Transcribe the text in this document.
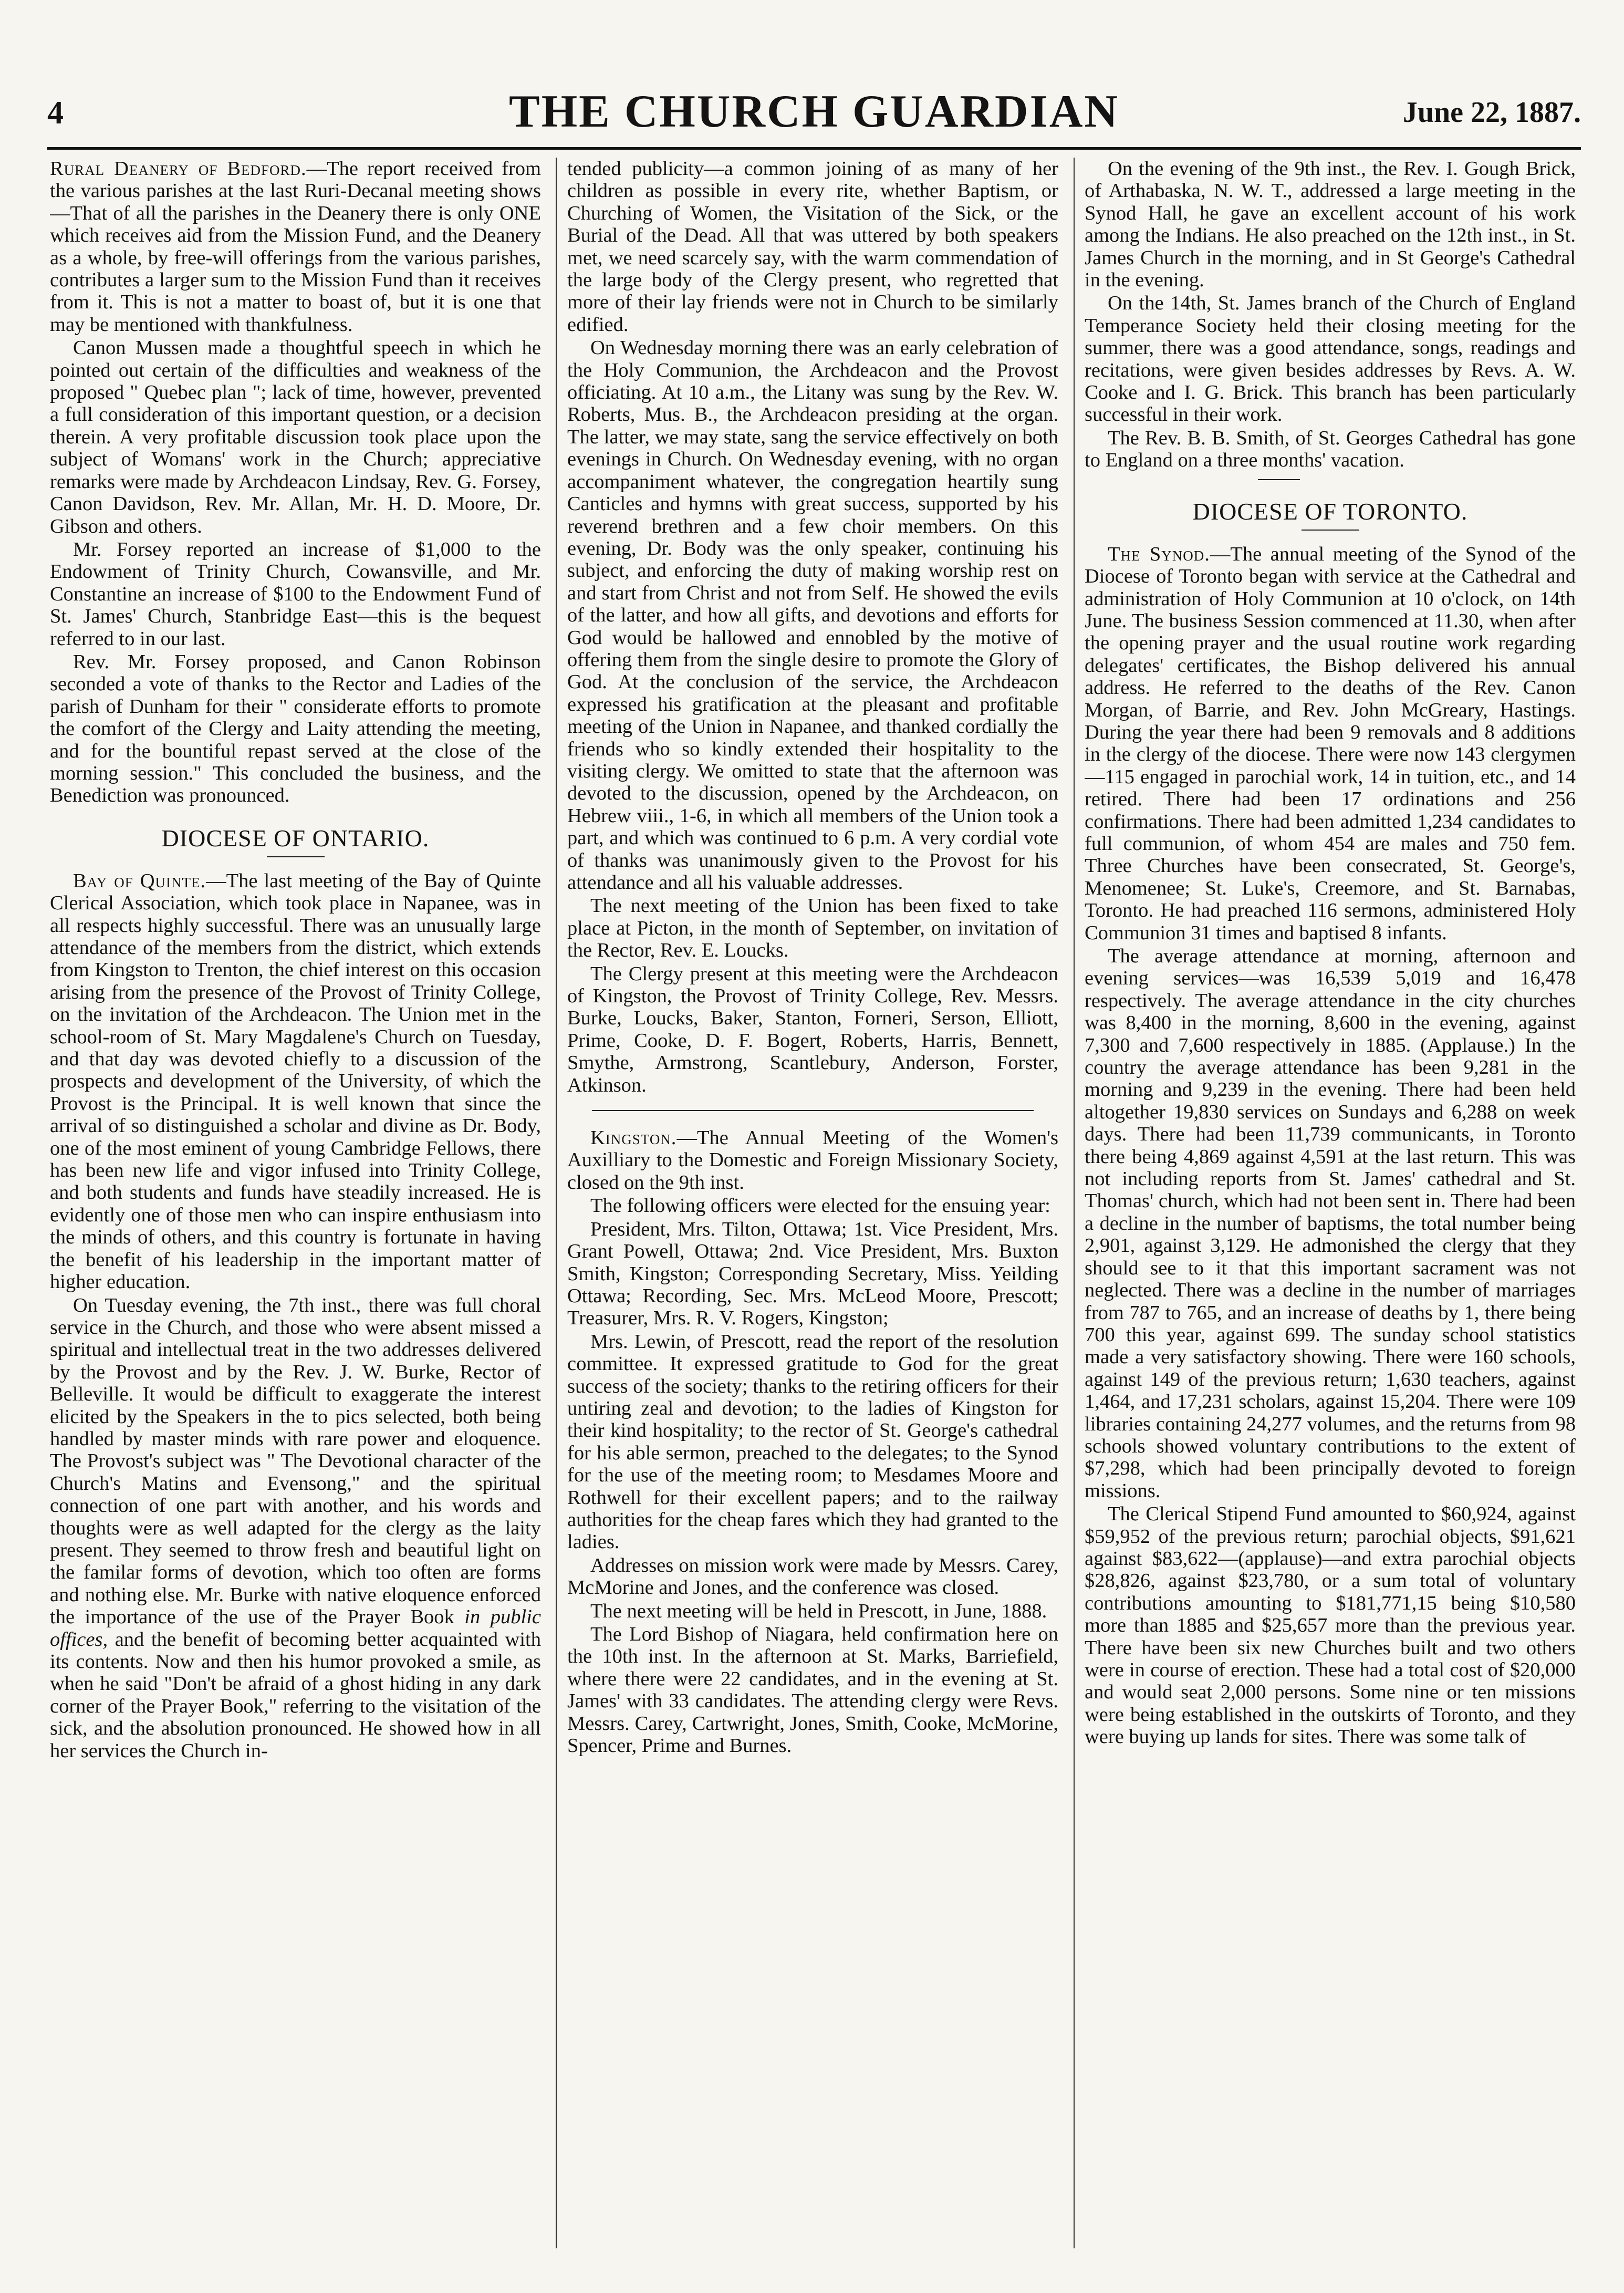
4	THE CHURCH GUARDIAN	June 22, 1887.

Rural Deanery of Bedford.—The report received from the various parishes at the last Ruri-Decanal meeting shows —That of all the parishes in the Deanery there is only ONE which receives aid from the Mission Fund, and the Deanery as a whole, by free-will offerings from the various parishes, contributes a larger sum to the Mission Fund than it receives from it. This is not a matter to boast of, but it is one that may be mentioned with thankfulness.

Canon Mussen made a thoughtful speech in which he pointed out certain of the difficulties and weakness of the proposed " Quebec plan "; lack of time, however, prevented a full consideration of this important question, or a decision therein. A very profitable discussion took place upon the subject of Womans' work in the Church; appreciative remarks were made by Archdeacon Lindsay, Rev. G. Forsey, Canon Davidson, Rev. Mr. Allan, Mr. H. D. Moore, Dr. Gibson and others.

Mr. Forsey reported an increase of $1,000 to the Endowment of Trinity Church, Cowansville, and Mr. Constantine an increase of $100 to the Endowment Fund of St. James' Church, Stanbridge East—this is the bequest referred to in our last.

Rev. Mr. Forsey proposed, and Canon Robinson seconded a vote of thanks to the Rector and Ladies of the parish of Dunham for their " considerate efforts to promote the comfort of the Clergy and Laity attending the meeting, and for the bountiful repast served at the close of the morning session." This concluded the business, and the Benediction was pronounced.

DIOCESE OF ONTARIO.

Bay of Quinte.—The last meeting of the Bay of Quinte Clerical Association, which took place in Napanee, was in all respects highly successful. There was an unusually large attendance of the members from the district, which extends from Kingston to Trenton, the chief interest on this occasion arising from the presence of the Provost of Trinity College, on the invitation of the Archdeacon. The Union met in the school-room of St. Mary Magdalene's Church on Tuesday, and that day was devoted chiefly to a discussion of the prospects and development of the University, of which the Provost is the Principal. It is well known that since the arrival of so distinguished a scholar and divine as Dr. Body, one of the most eminent of young Cambridge Fellows, there has been new life and vigor infused into Trinity College, and both students and funds have steadily increased. He is evidently one of those men who can inspire enthusiasm into the minds of others, and this country is fortunate in having the benefit of his leadership in the important matter of higher education.

On Tuesday evening, the 7th inst., there was full choral service in the Church, and those who were absent missed a spiritual and intellectual treat in the two addresses delivered by the Provost and by the Rev. J. W. Burke, Rector of Belleville. It would be difficult to exaggerate the interest elicited by the Speakers in the to pics selected, both being handled by master minds with rare power and eloquence. The Provost's subject was " The Devotional character of the Church's Matins and Evensong," and the spiritual connection of one part with another, and his words and thoughts were as well adapted for the clergy as the laity present. They seemed to throw fresh and beautiful light on the familar forms of devotion, which too often are forms and nothing else. Mr. Burke with native eloquence enforced the importance of the use of the Prayer Book in public offices, and the benefit of becoming better acquainted with its contents. Now and then his humor provoked a smile, as when he said "Don't be afraid of a ghost hiding in any dark corner of the Prayer Book," referring to the visitation of the sick, and the absolution pronounced. He showed how in all her services the Church in-

tended publicity—a common joining of as many of her children as possible in every rite, whether Baptism, or Churching of Women, the Visitation of the Sick, or the Burial of the Dead. All that was uttered by both speakers met, we need scarcely say, with the warm commendation of the large body of the Clergy present, who regretted that more of their lay friends were not in Church to be similarly edified.

On Wednesday morning there was an early celebration of the Holy Communion, the Archdeacon and the Provost officiating. At 10 a.m., the Litany was sung by the Rev. W. Roberts, Mus. B., the Archdeacon presiding at the organ. The latter, we may state, sang the service effectively on both evenings in Church. On Wednesday evening, with no organ accompaniment whatever, the congregation heartily sung Canticles and hymns with great success, supported by his reverend brethren and a few choir members. On this evening, Dr. Body was the only speaker, continuing his subject, and enforcing the duty of making worship rest on and start from Christ and not from Self. He showed the evils of the latter, and how all gifts, and devotions and efforts for God would be hallowed and ennobled by the motive of offering them from the single desire to promote the Glory of God. At the conclusion of the service, the Archdeacon expressed his gratification at the pleasant and profitable meeting of the Union in Napanee, and thanked cordially the friends who so kindly extended their hospitality to the visiting clergy. We omitted to state that the afternoon was devoted to the discussion, opened by the Archdeacon, on Hebrew viii., 1-6, in which all members of the Union took a part, and which was continued to 6 p.m. A very cordial vote of thanks was unanimously given to the Provost for his attendance and all his valuable addresses.

The next meeting of the Union has been fixed to take place at Picton, in the month of September, on invitation of the Rector, Rev. E. Loucks.

The Clergy present at this meeting were the Archdeacon of Kingston, the Provost of Trinity College, Rev. Messrs. Burke, Loucks, Baker, Stanton, Forneri, Serson, Elliott, Prime, Cooke, D. F. Bogert, Roberts, Harris, Bennett, Smythe, Armstrong, Scantlebury, Anderson, Forster, Atkinson.

Kingston.—The Annual Meeting of the Women's Auxilliary to the Domestic and Foreign Missionary Society, closed on the 9th inst.

The following officers were elected for the ensuing year:

President, Mrs. Tilton, Ottawa; 1st. Vice President, Mrs. Grant Powell, Ottawa; 2nd. Vice President, Mrs. Buxton Smith, Kingston; Corresponding Secretary, Miss. Yeilding Ottawa; Recording, Sec. Mrs. McLeod Moore, Prescott; Treasurer, Mrs. R. V. Rogers, Kingston;

Mrs. Lewin, of Prescott, read the report of the resolution committee. It expressed gratitude to God for the great success of the society; thanks to the retiring officers for their untiring zeal and devotion; to the ladies of Kingston for their kind hospitality; to the rector of St. George's cathedral for his able sermon, preached to the delegates; to the Synod for the use of the meeting room; to Mesdames Moore and Rothwell for their excellent papers; and to the railway authorities for the cheap fares which they had granted to the ladies.

Addresses on mission work were made by Messrs. Carey, McMorine and Jones, and the conference was closed.

The next meeting will be held in Prescott, in June, 1888.

The Lord Bishop of Niagara, held confirmation here on the 10th inst. In the afternoon at St. Marks, Barriefield, where there were 22 candidates, and in the evening at St. James' with 33 candidates. The attending clergy were Revs. Messrs. Carey, Cartwright, Jones, Smith, Cooke, McMorine, Spencer, Prime and Burnes.

On the evening of the 9th inst., the Rev. I. Gough Brick, of Arthabaska, N. W. T., addressed a large meeting in the Synod Hall, he gave an excellent account of his work among the Indians. He also preached on the 12th inst., in St. James Church in the morning, and in St George's Cathedral in the evening.

On the 14th, St. James branch of the Church of England Temperance Society held their closing meeting for the summer, there was a good attendance, songs, readings and recitations, were given besides addresses by Revs. A. W. Cooke and I. G. Brick. This branch has been particularly successful in their work.

The Rev. B. B. Smith, of St. Georges Cathedral has gone to England on a three months' vacation.

DIOCESE OF TORONTO.

The Synod.—The annual meeting of the Synod of the Diocese of Toronto began with service at the Cathedral and administration of Holy Communion at 10 o'clock, on 14th June. The business Session commenced at 11.30, when after the opening prayer and the usual routine work regarding delegates' certificates, the Bishop delivered his annual address. He referred to the deaths of the Rev. Canon Morgan, of Barrie, and Rev. John McGreary, Hastings. During the year there had been 9 removals and 8 additions in the clergy of the diocese. There were now 143 clergymen—115 engaged in parochial work, 14 in tuition, etc., and 14 retired. There had been 17 ordinations and 256 confirmations. There had been admitted 1,234 candidates to full communion, of whom 454 are males and 750 fem. Three Churches have been consecrated, St. George's, Menomenee; St. Luke's, Creemore, and St. Barnabas, Toronto. He had preached 116 sermons, administered Holy Communion 31 times and baptised 8 infants.

The average attendance at morning, afternoon and evening services—was 16,539 5,019 and 16,478 respectively. The average attendance in the city churches was 8,400 in the morning, 8,600 in the evening, against 7,300 and 7,600 respectively in 1885. (Applause.) In the country the average attendance has been 9,281 in the morning and 9,239 in the evening. There had been held altogether 19,830 services on Sundays and 6,288 on week days. There had been 11,739 communicants, in Toronto there being 4,869 against 4,591 at the last return. This was not including reports from St. James' cathedral and St. Thomas' church, which had not been sent in. There had been a decline in the number of baptisms, the total number being 2,901, against 3,129. He admonished the clergy that they should see to it that this important sacrament was not neglected. There was a decline in the number of marriages from 787 to 765, and an increase of deaths by 1, there being 700 this year, against 699. The sunday school statistics made a very satisfactory showing. There were 160 schools, against 149 of the previous return; 1,630 teachers, against 1,464, and 17,231 scholars, against 15,204. There were 109 libraries containing 24,277 volumes, and the returns from 98 schools showed voluntary contributions to the extent of $7,298, which had been principally devoted to foreign missions.

The Clerical Stipend Fund amounted to $60,924, against $59,952 of the previous return; parochial objects, $91,621 against $83,622—(applause)—and extra parochial objects $28,826, against $23,780, or a sum total of voluntary contributions amounting to $181,771,15 being $10,580 more than 1885 and $25,657 more than the previous year. There have been six new Churches built and two others were in course of erection. These had a total cost of $20,000 and would seat 2,000 persons. Some nine or ten missions were being established in the outskirts of Toronto, and they were buying up lands for sites. There was some talk of
